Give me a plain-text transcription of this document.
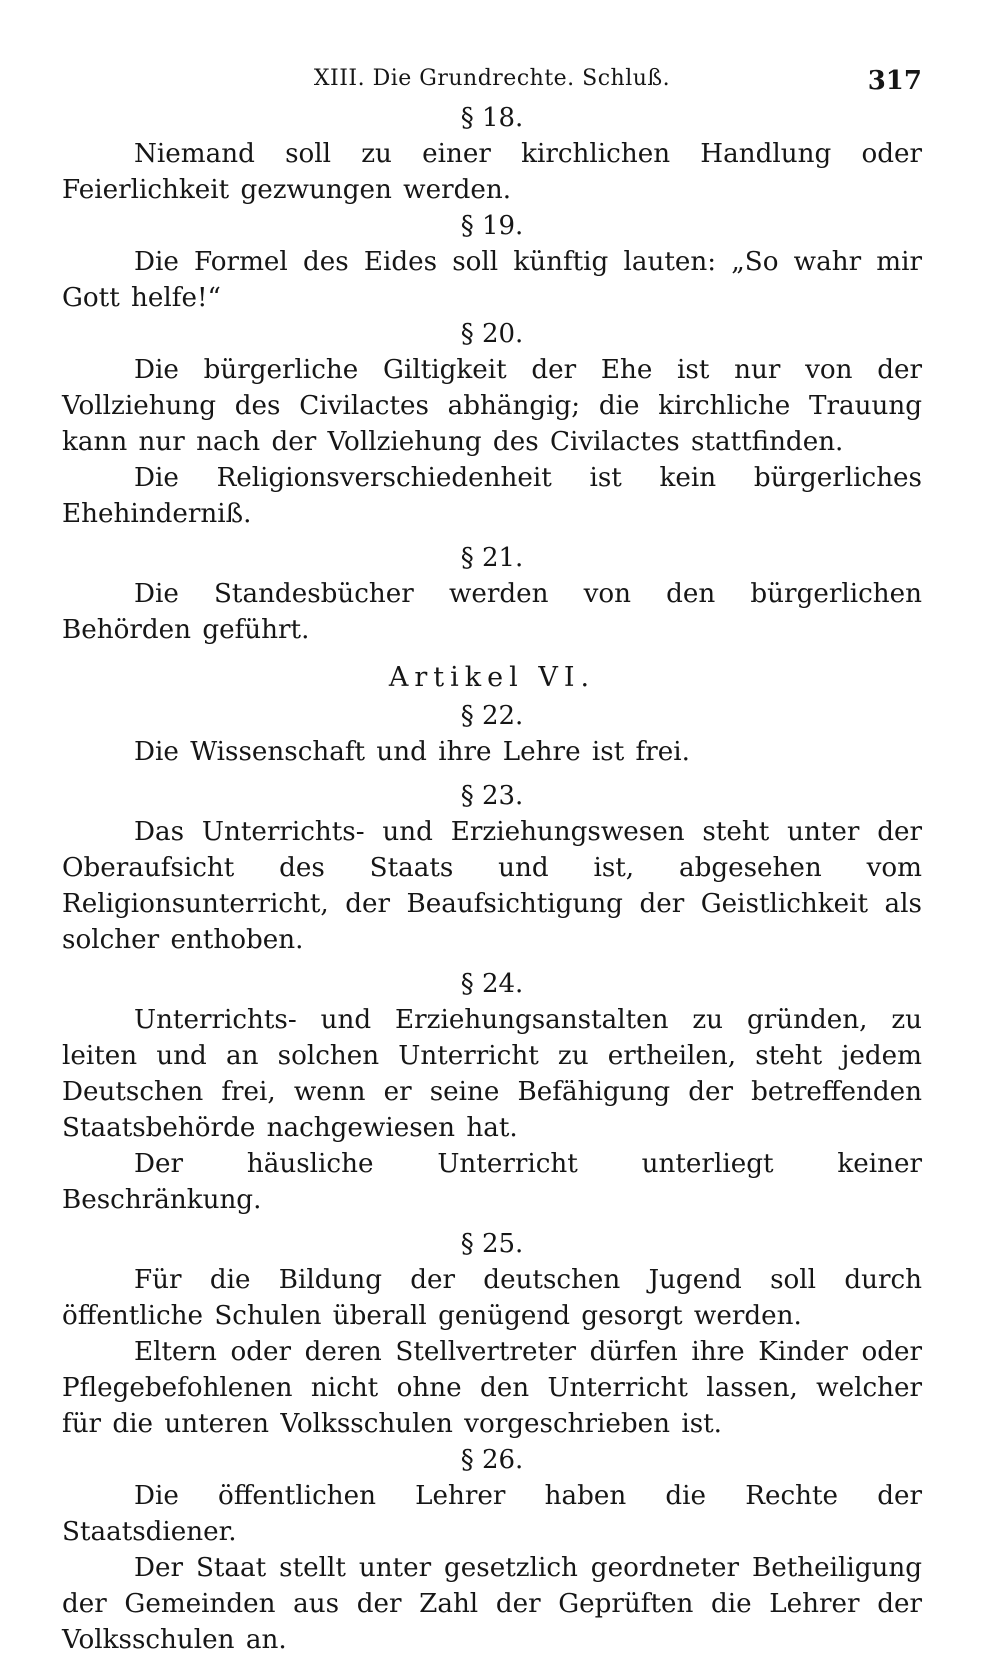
XIII. Die Grundrechte. Schluß.	317
§ 18.

Niemand soll zu einer kirchlichen Handlung oder Feierlichkeit gezwungen werden.

§ 19.

Die Formel des Eides soll künftig lauten: „So wahr mir Gott helfe!“

§ 20.

Die bürgerliche Giltigkeit der Ehe ist nur von der Vollziehung des Civilactes abhängig; die kirchliche Trauung kann nur nach der Vollziehung des Civilactes stattfinden.

Die Religionsverschiedenheit ist kein bürgerliches Ehehinderniß.

§ 21.

Die Standesbücher werden von den bürgerlichen Behörden geführt.

Artikel VI.
§ 22.

Die Wissenschaft und ihre Lehre ist frei.

§ 23.

Das Unterrichts- und Erziehungswesen steht unter der Oberaufsicht des Staats und ist, abgesehen vom Religionsunterricht, der Beaufsichtigung der Geistlichkeit als solcher enthoben.

§ 24.

Unterrichts- und Erziehungsanstalten zu gründen, zu leiten und an solchen Unterricht zu ertheilen, steht jedem Deutschen frei, wenn er seine Befähigung der betreffenden Staatsbehörde nachgewiesen hat.

Der häusliche Unterricht unterliegt keiner Beschränkung.

§ 25.

Für die Bildung der deutschen Jugend soll durch öffentliche Schulen überall genügend gesorgt werden.

Eltern oder deren Stellvertreter dürfen ihre Kinder oder Pflegebefohlenen nicht ohne den Unterricht lassen, welcher für die unteren Volksschulen vorgeschrieben ist.

§ 26.

Die öffentlichen Lehrer haben die Rechte der Staatsdiener.

Der Staat stellt unter gesetzlich geordneter Betheiligung der Gemeinden aus der Zahl der Geprüften die Lehrer der Volksschulen an.
